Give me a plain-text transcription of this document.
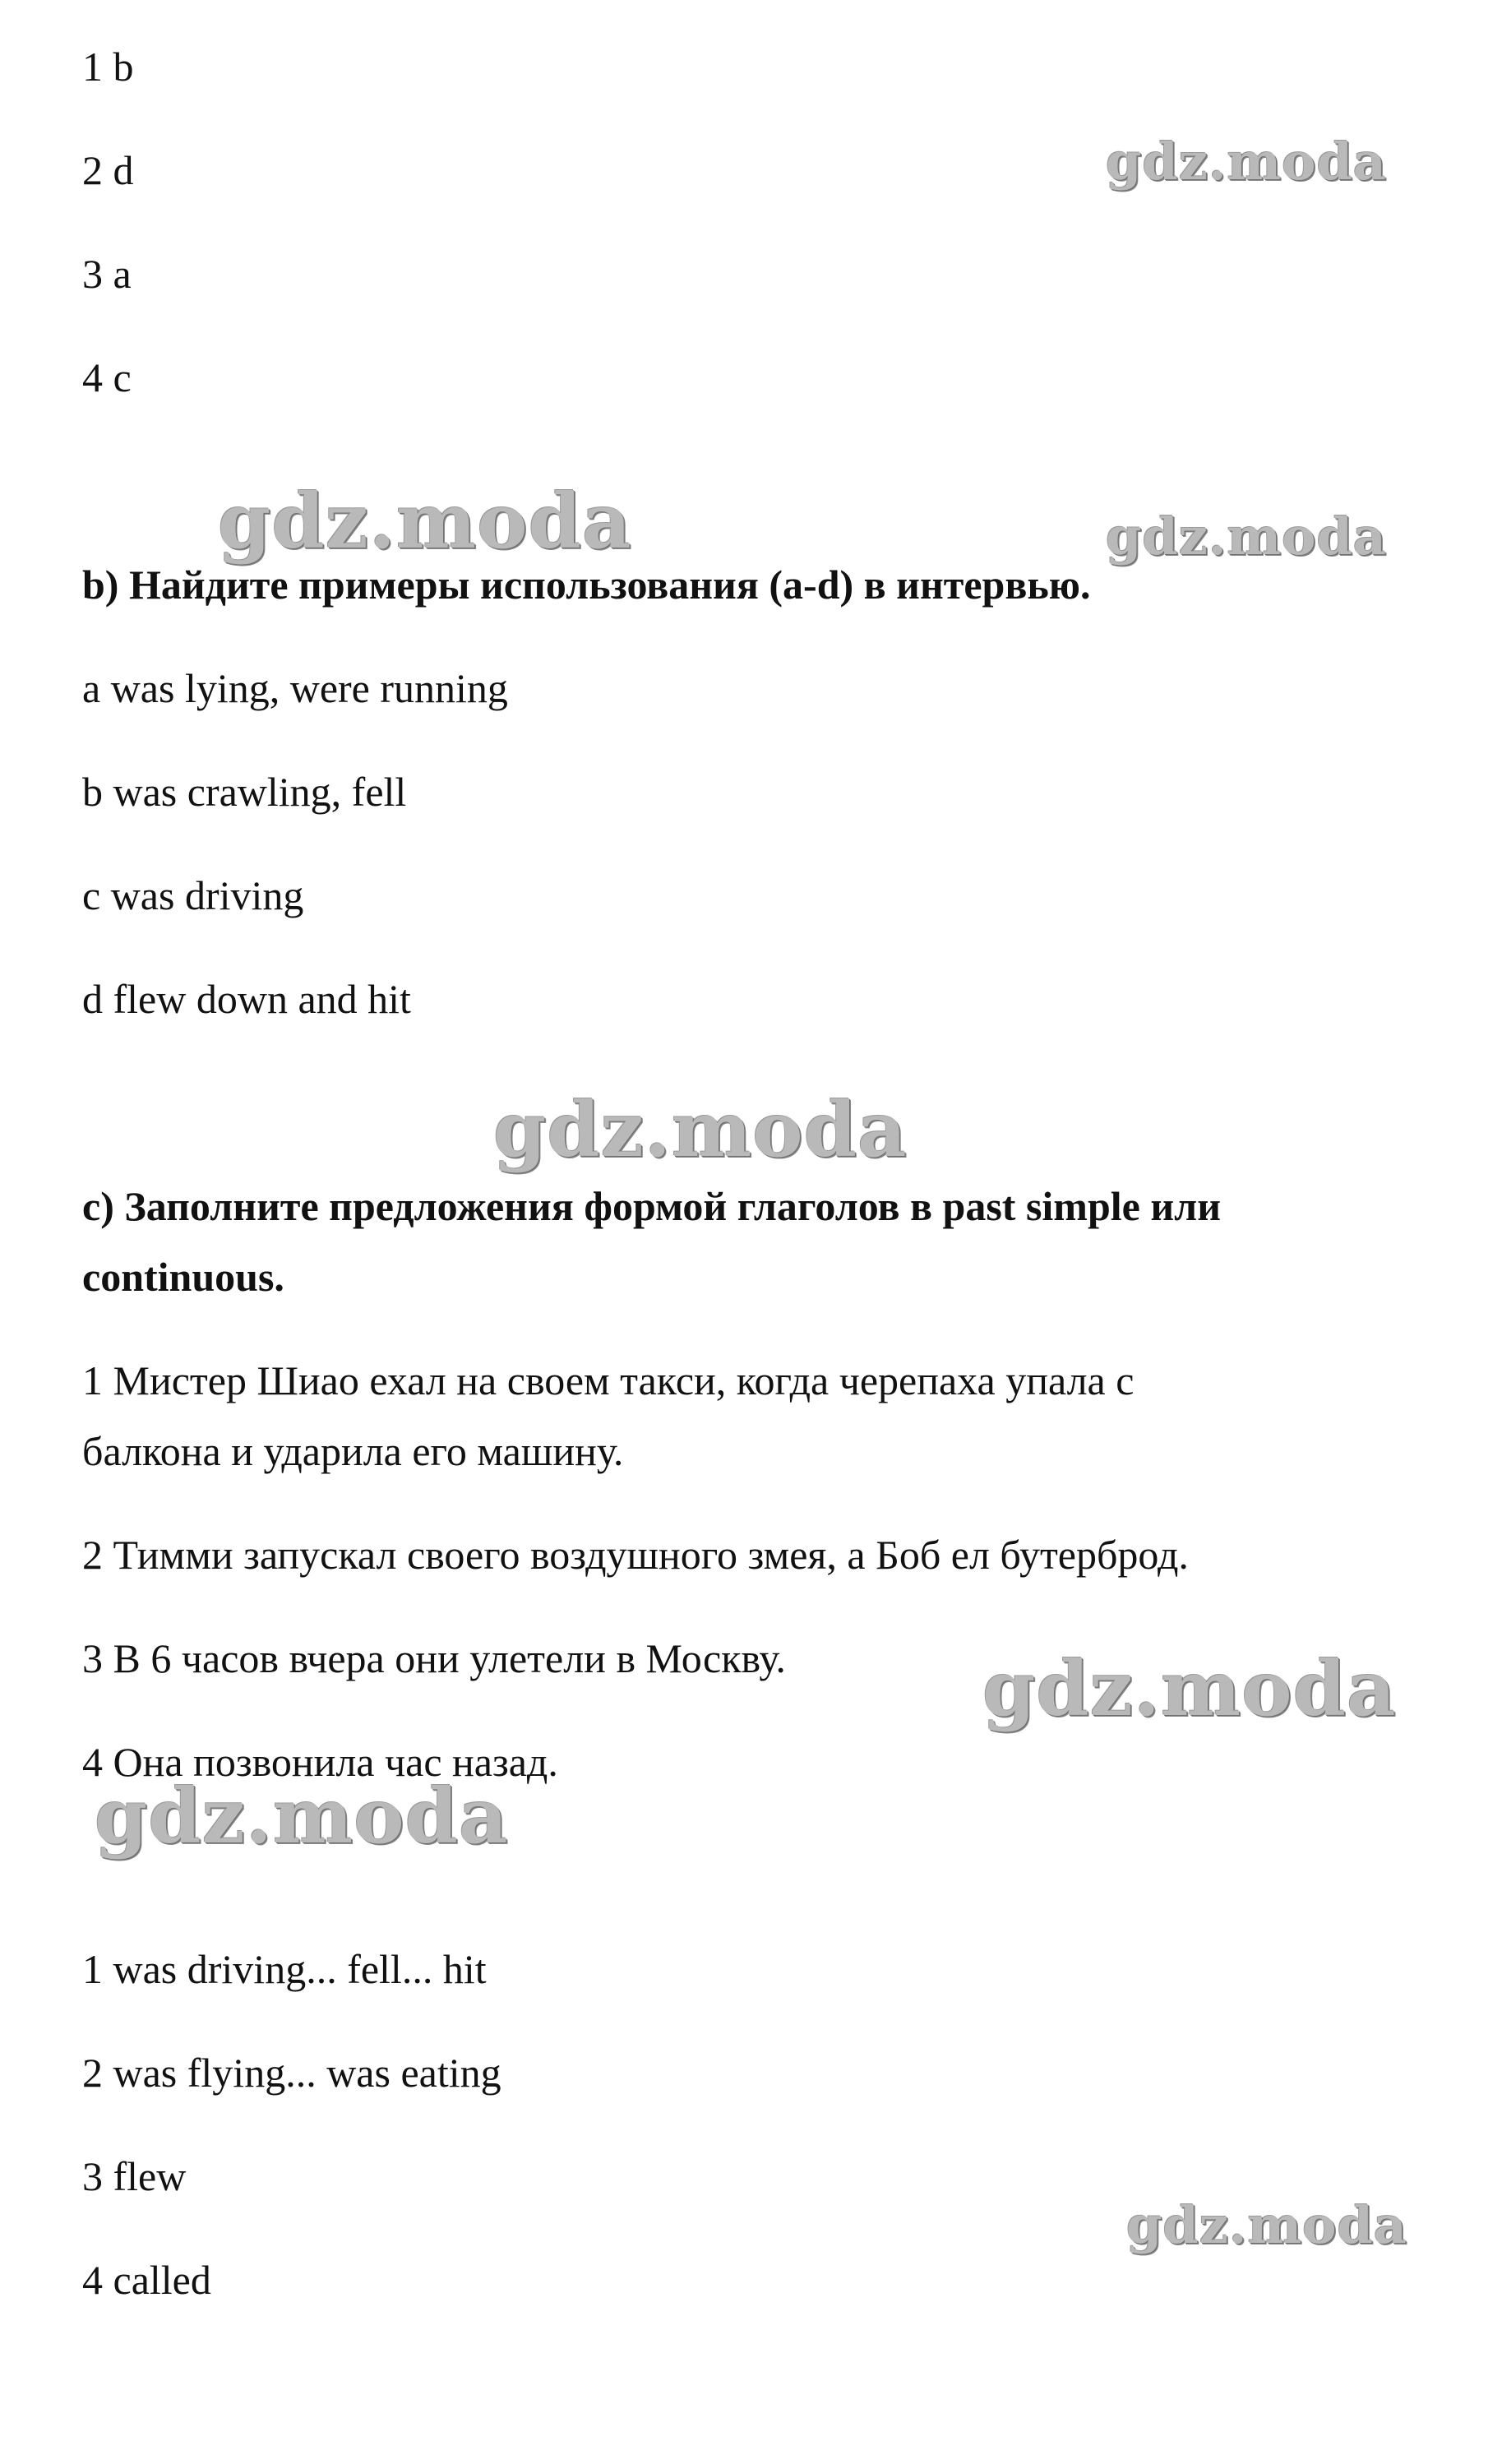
1 b
2 d
3 a
4 c
b) Найдите примеры использования (a-d) в интервью.
a was lying, were running
b was crawling, fell
c was driving
d flew down and hit
c) Заполните предложения формой глаголов в past simple или
continuous.
1 Мистер Шиао ехал на своем такси, когда черепаха упала с
балкона и ударила его машину.
2 Тимми запускал своего воздушного змея, а Боб ел бутерброд.
3 В 6 часов вчера они улетели в Москву.
4 Она позвонила час назад.
1 was driving... fell... hit
2 was flying... was eating
3 flew
4 called
gdz.moda
gdz.moda	gdz.moda
gdz.moda
gdz.moda
gdz.moda
gdz.moda
